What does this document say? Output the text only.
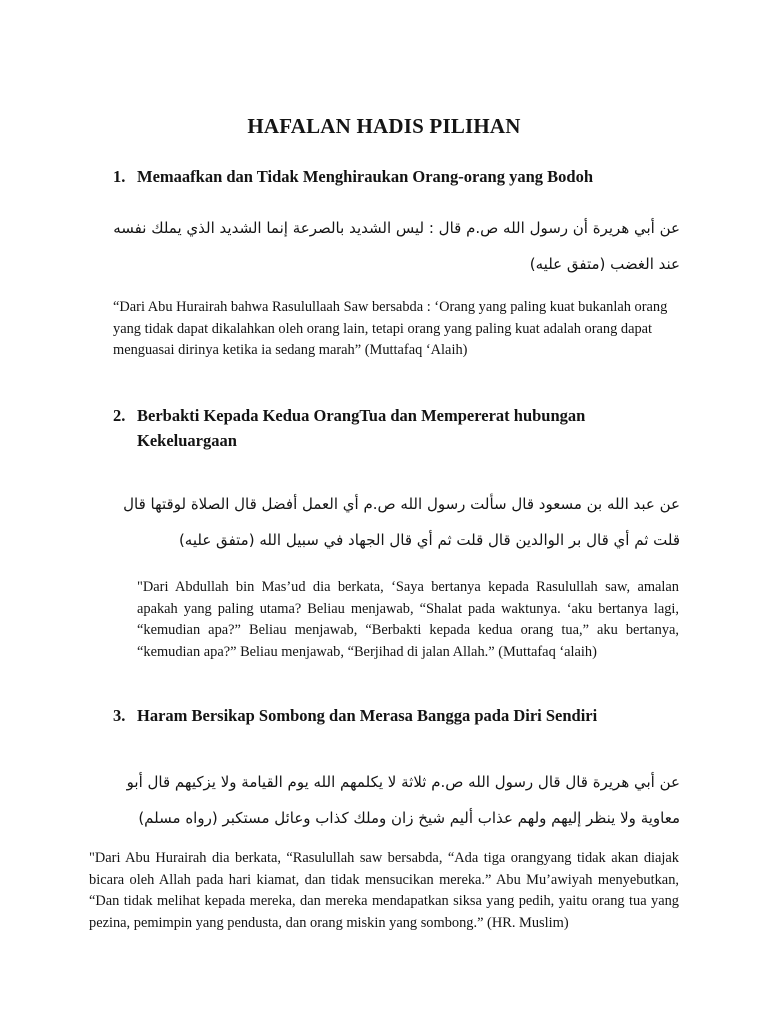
HAFALAN HADIS PILIHAN
1. Memaafkan dan Tidak Menghiraukan Orang-orang yang Bodoh
عن أبي هريرة أن رسول الله ص.م قال : ليس الشديد بالصرعة إنما الشديد الذي يملك نفسه عند الغضب (متفق عليه)
“Dari Abu Hurairah bahwa Rasulullaah Saw bersabda : ‘Orang yang paling kuat bukanlah orang yang tidak dapat dikalahkan oleh orang lain, tetapi orang yang paling kuat adalah orang dapat menguasai dirinya ketika ia sedang marah” (Muttafaq ‘Alaih)
2. Berbakti Kepada Kedua OrangTua dan Mempererat hubungan Kekeluargaan
عن عبد الله بن مسعود قال سألت رسول الله ص.م أي العمل أفضل قال الصلاة لوقتها قال قلت ثم أي قال بر الوالدين قال قلت ثم أي قال الجهاد في سبيل الله (متفق عليه)
"Dari Abdullah bin Mas’ud dia berkata, ‘Saya bertanya kepada Rasulullah saw, amalan apakah yang paling utama? Beliau menjawab, “Shalat pada waktunya. ‘aku bertanya lagi, “kemudian apa?” Beliau menjawab, “Berbakti kepada kedua orang tua,” aku bertanya, “kemudian apa?” Beliau menjawab, “Berjihad di jalan Allah.” (Muttafaq ‘alaih)
3. Haram Bersikap Sombong dan Merasa Bangga pada Diri Sendiri
عن أبي هريرة قال قال رسول الله ص.م ثلاثة لا يكلمهم الله يوم القيامة ولا يزكيهم قال أبو معاوية ولا ينظر إليهم ولهم عذاب أليم شيخ زان وملك كذاب وعائل مستكبر (رواه مسلم)
"Dari Abu Hurairah dia berkata, “Rasulullah saw bersabda, “Ada tiga orangyang tidak akan diajak bicara oleh Allah pada hari kiamat, dan tidak mensucikan mereka.” Abu Mu’awiyah menyebutkan, “Dan tidak melihat kepada mereka, dan mereka mendapatkan siksa yang pedih, yaitu orang tua yang pezina, pemimpin yang pendusta, dan orang miskin yang sombong.” (HR. Muslim)
